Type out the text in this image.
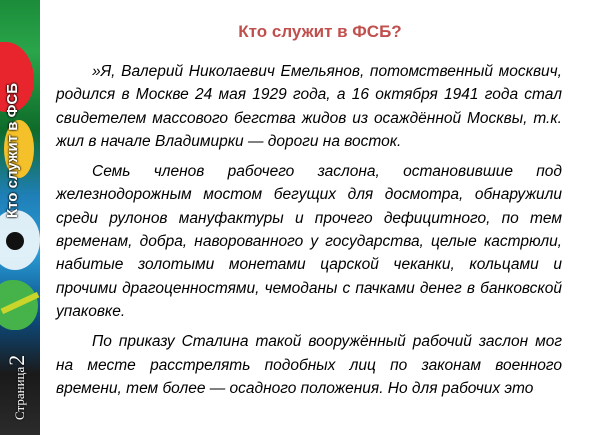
Кто служит в ФСБ
Страница2
Кто служит в ФСБ?

»Я, Валерий Николаевич Емельянов, потомственный москвич, родился в Москве 24 мая 1929 года, а 16 октября 1941 года стал свидетелем массового бегства жидов из осаждённой Москвы, т.к. жил в начале Владимирки — дороги на восток.

Семь членов рабочего заслона, остановившие под железнодорожным мостом бегущих для досмотра, обнаружили среди рулонов мануфактуры и прочего дефицитного, по тем временам, добра, наворованного у государства, целые кастрюли, набитые золотыми монетами царской чеканки, кольцами и прочими драгоценностями, чемоданы с пачками денег в банковской упаковке.

По приказу Сталина такой вооружённый рабочий заслон мог на месте расстрелять подобных лиц по законам военного времени, тем более — осадного положения. Но для рабочих это
